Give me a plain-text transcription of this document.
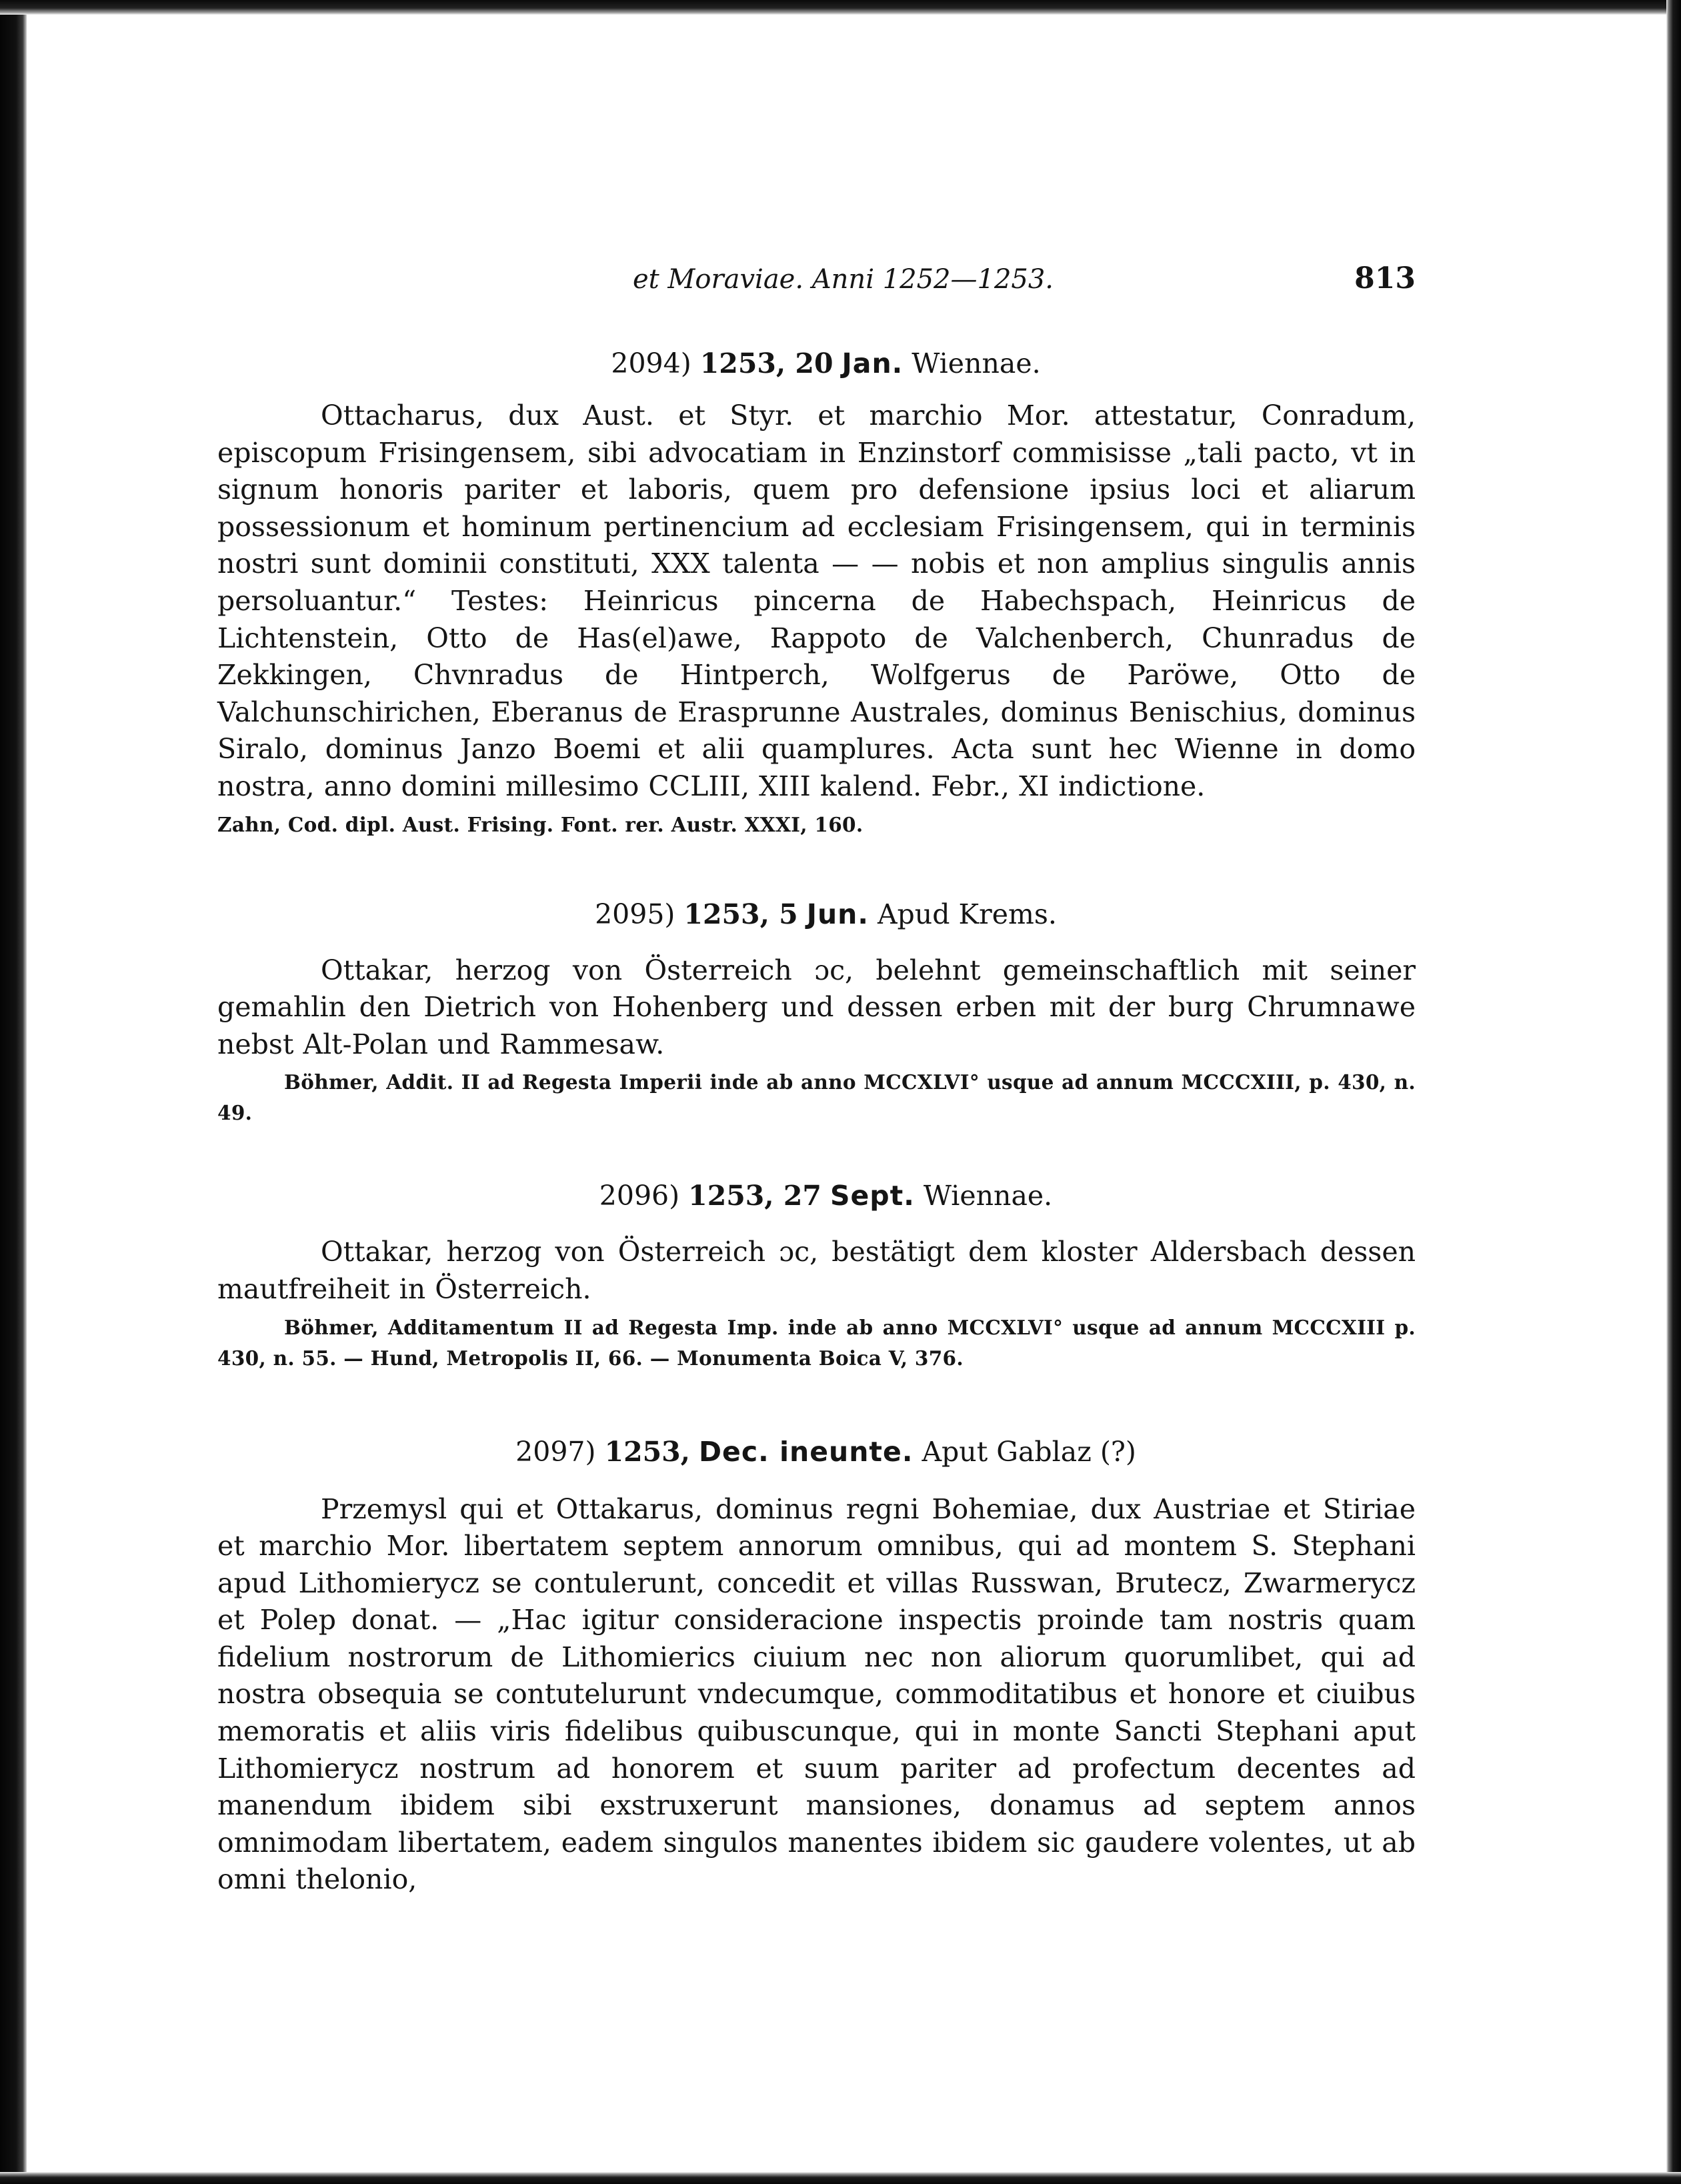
et Moraviae. Anni 1252—1253.	813
2094) 1253, 20 Jan. Wiennae.

Ottacharus, dux Aust. et Styr. et marchio Mor. attestatur, Conradum, episcopum Frisingensem, sibi advocatiam in Enzinstorf commisisse „tali pacto, vt in signum honoris pariter et laboris, quem pro defensione ipsius loci et aliarum possessionum et hominum pertinencium ad ecclesiam Frisingensem, qui in terminis nostri sunt dominii constituti, XXX talenta — — nobis et non amplius singulis annis persoluantur.“ Testes: Heinricus pincerna de Habechspach, Heinricus de Lichtenstein, Otto de Has(el)awe, Rappoto de Valchenberch, Chunradus de Zekkingen, Chvnradus de Hintperch, Wolfgerus de Paröwe, Otto de Valchunschirichen, Eberanus de Erasprunne Australes, dominus Benischius, dominus Siralo, dominus Janzo Boemi et alii quamplures. Acta sunt hec Wienne in domo nostra, anno domini millesimo CCLIII, XIII kalend. Febr., XI indictione.

Zahn, Cod. dipl. Aust. Frising. Font. rer. Austr. XXXI, 160.

2095) 1253, 5 Jun. Apud Krems.

Ottakar, herzog von Österreich ɔc, belehnt gemeinschaftlich mit seiner gemahlin den Dietrich von Hohenberg und dessen erben mit der burg Chrumnawe nebst Alt-Polan und Rammesaw.

Böhmer, Addit. II ad Regesta Imperii inde ab anno MCCXLVI° usque ad annum MCCCXIII, p. 430, n. 49.

2096) 1253, 27 Sept. Wiennae.

Ottakar, herzog von Österreich ɔc, bestätigt dem kloster Aldersbach dessen mautfreiheit in Österreich.

Böhmer, Additamentum II ad Regesta Imp. inde ab anno MCCXLVI° usque ad annum MCCCXIII p. 430, n. 55. — Hund, Metropolis II, 66. — Monumenta Boica V, 376.

2097) 1253, Dec. ineunte. Aput Gablaz (?)

Przemysl qui et Ottakarus, dominus regni Bohemiae, dux Austriae et Stiriae et marchio Mor. libertatem septem annorum omnibus, qui ad montem S. Stephani apud Lithomierycz se contulerunt, concedit et villas Russwan, Brutecz, Zwarmerycz et Polep donat. — „Hac igitur consideracione inspectis proinde tam nostris quam fidelium nostrorum de Lithomierics ciuium nec non aliorum quorumlibet, qui ad nostra obsequia se contutelurunt vndecumque, commoditatibus et honore et ciuibus memoratis et aliis viris fidelibus quibuscunque, qui in monte Sancti Stephani aput Lithomierycz nostrum ad honorem et suum pariter ad profectum decentes ad manendum ibidem sibi exstruxerunt mansiones, donamus ad septem annos omnimodam libertatem, eadem singulos manentes ibidem sic gaudere volentes, ut ab omni thelonio,
